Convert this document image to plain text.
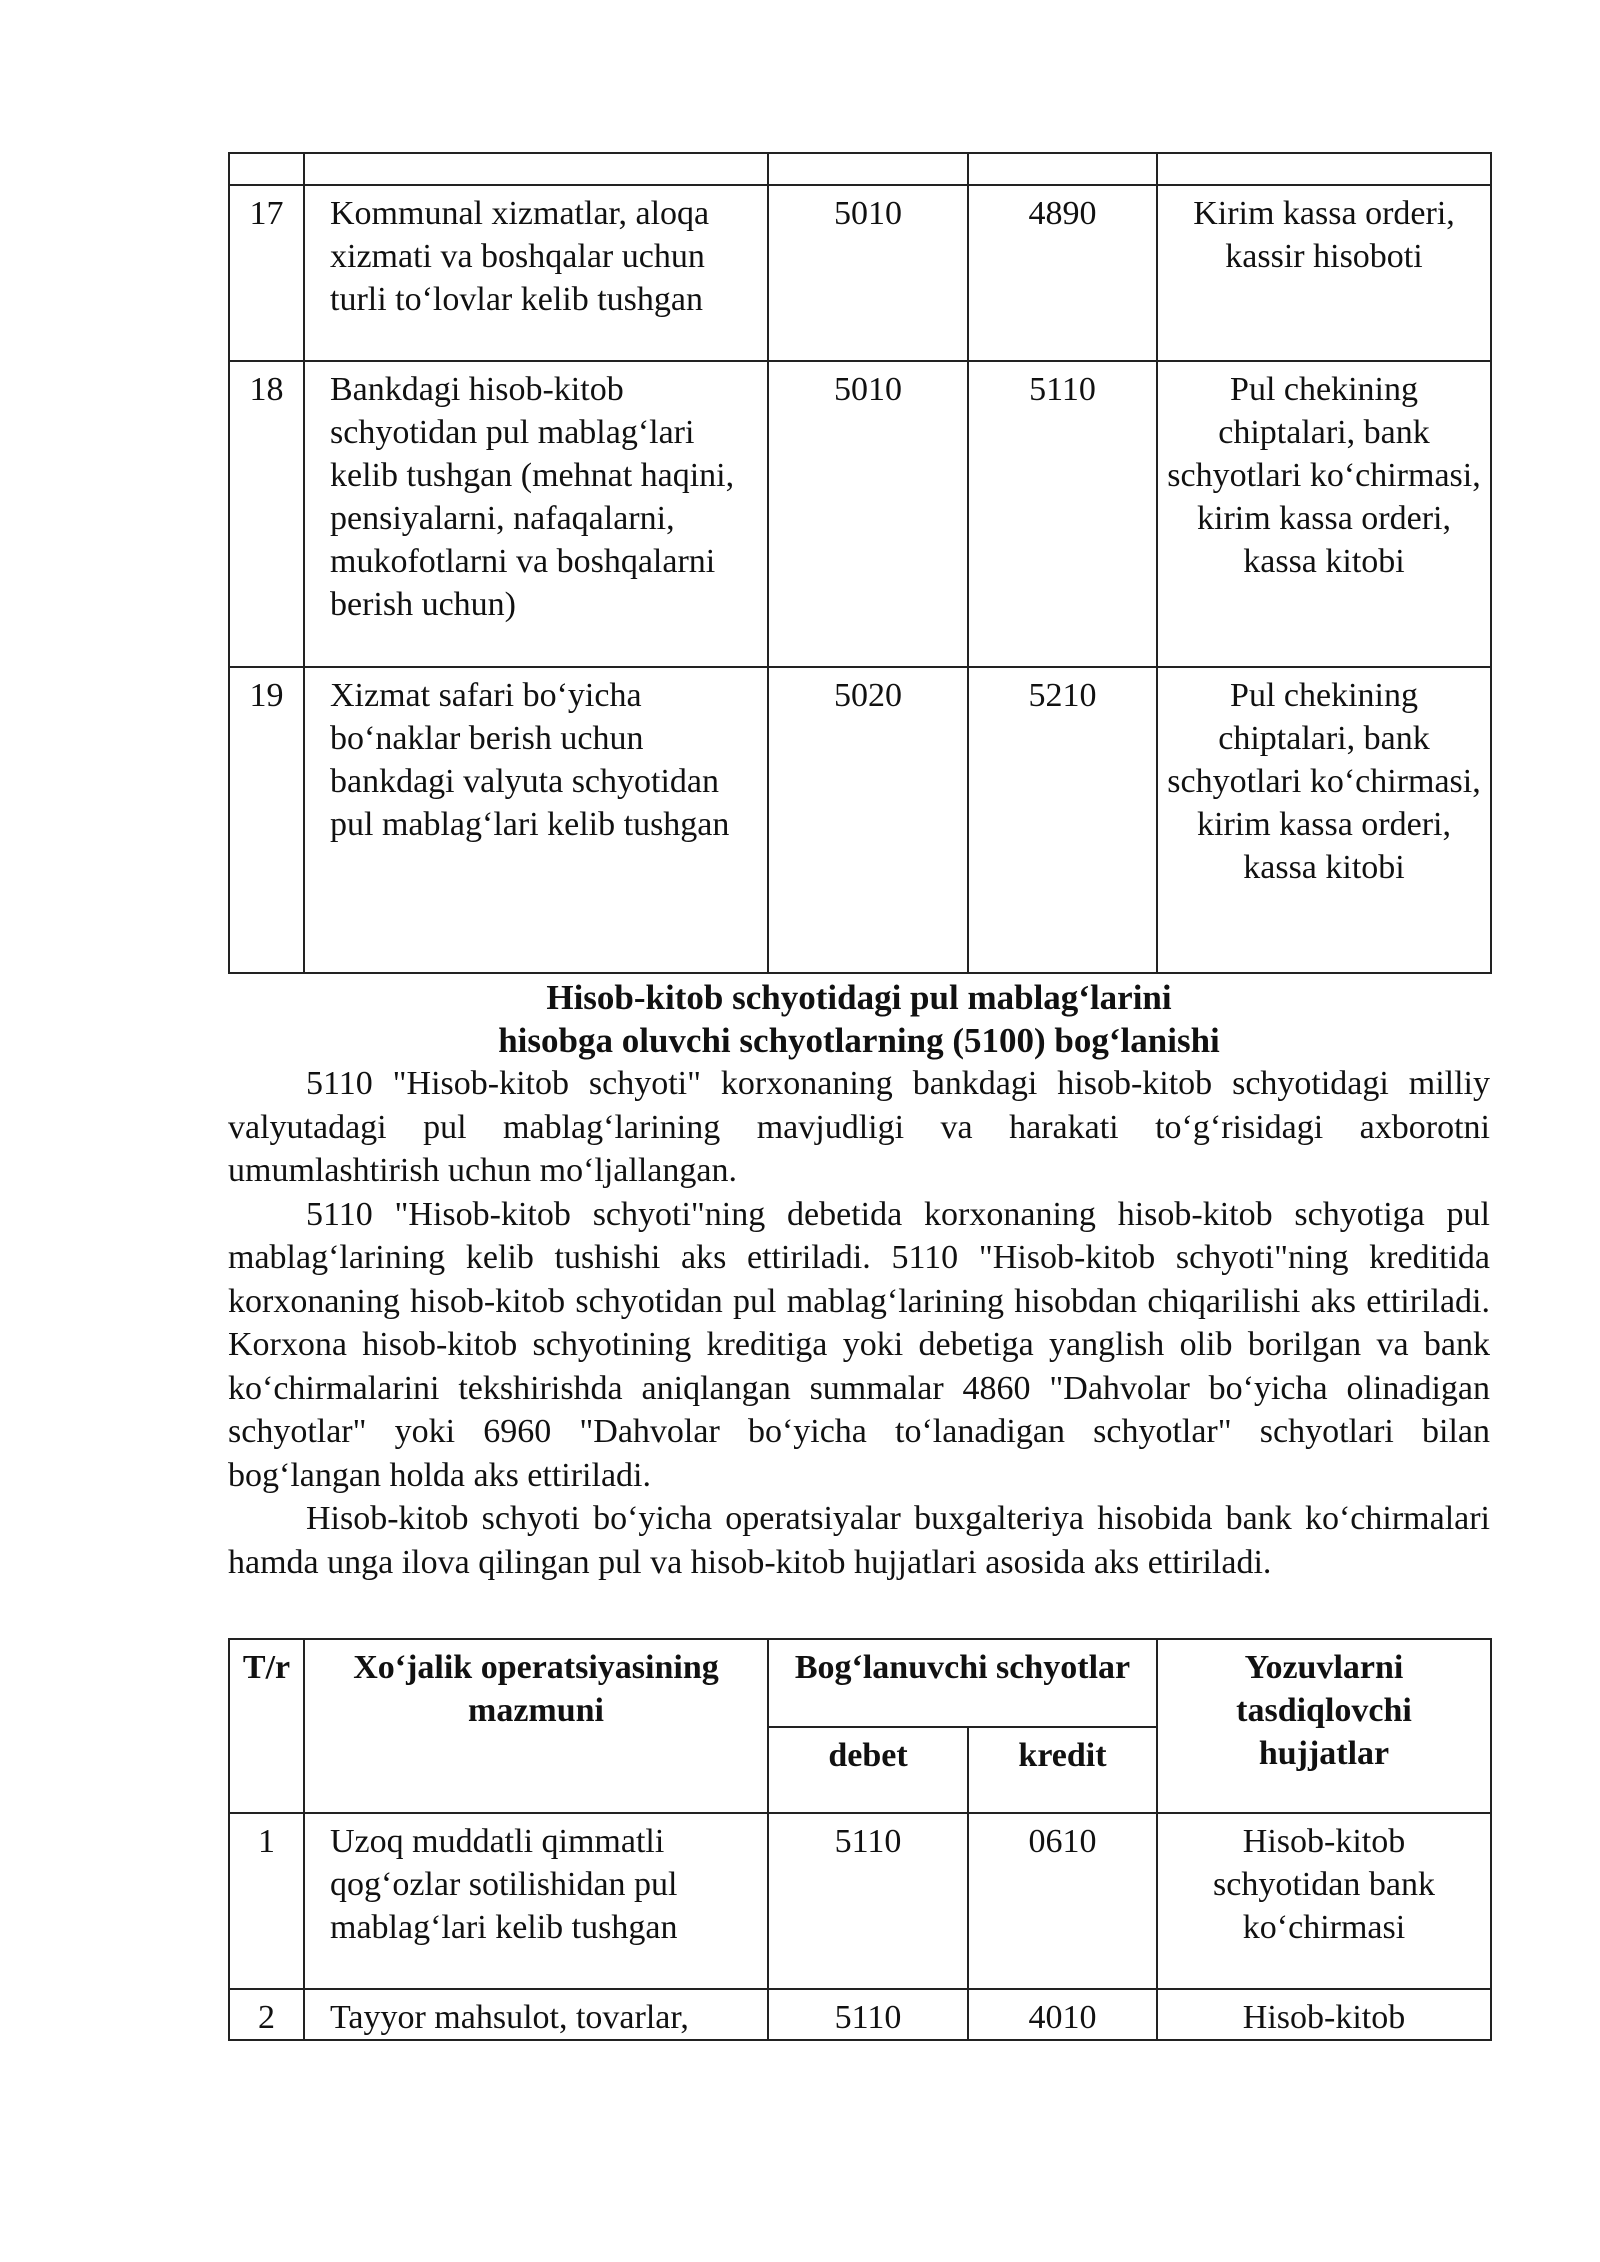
17	Kommunal xizmatlar, aloqa xizmati va boshqalar uchun turli to‘lovlar kelib tushgan	5010	4890	Kirim kassa orderi, kassir hisoboti
18	Bankdagi hisob-kitob schyotidan pul mablag‘lari kelib tushgan (mehnat haqini, pensiyalarni, nafaqalarni, mukofotlarni va boshqalarni berish uchun)	5010	5110	Pul chekining chiptalari, bank schyotlari ko‘chirmasi, kirim kassa orderi, kassa kitobi
19	Xizmat safari bo‘yicha bo‘naklar berish uchun bankdagi valyuta schyotidan pul mablag‘lari kelib tushgan	5020	5210	Pul chekining chiptalari, bank schyotlari ko‘chirmasi, kirim kassa orderi, kassa kitobi
Hisob-kitob schyotidagi pul mablag‘larini
hisobga oluvchi schyotlarning (5100) bog‘lanishi

5110 "Hisob-kitob schyoti" korxonaning bankdagi hisob-kitob schyotidagi milliy valyutadagi pul mablag‘larining mavjudligi va harakati to‘g‘risidagi axborotni umumlashtirish uchun mo‘ljallangan.

5110 "Hisob-kitob schyoti"ning debetida korxonaning hisob-kitob schyotiga pul mablag‘larining kelib tushishi aks ettiriladi. 5110 "Hisob-kitob schyoti"ning kreditida korxonaning hisob-kitob schyotidan pul mablag‘larining hisobdan chiqarilishi aks ettiriladi. Korxona hisob-kitob schyotining kreditiga yoki debetiga yanglish olib borilgan va bank ko‘chirmalarini tekshirishda aniqlangan summalar 4860 "Dahvolar bo‘yicha olinadigan schyotlar" yoki 6960 "Dahvolar bo‘yicha to‘lanadigan schyotlar" schyotlari bilan bog‘langan holda aks ettiriladi.

Hisob-kitob schyoti bo‘yicha operatsiyalar buxgalteriya hisobida bank ko‘chirmalari hamda unga ilova qilingan pul va hisob-kitob hujjatlari asosida aks ettiriladi.

T/r	Xo‘jalik operatsiyasining mazmuni	Bog‘lanuvchi schyotlar		Yozuvlarni tasdiqlovchi hujjatlar
		debet	kredit	
1	Uzoq muddatli qimmatli qog‘ozlar sotilishidan pul mablag‘lari kelib tushgan	5110	0610	Hisob-kitob schyotidan bank ko‘chirmasi
2	Tayyor mahsulot, tovarlar,	5110	4010	Hisob-kitob
